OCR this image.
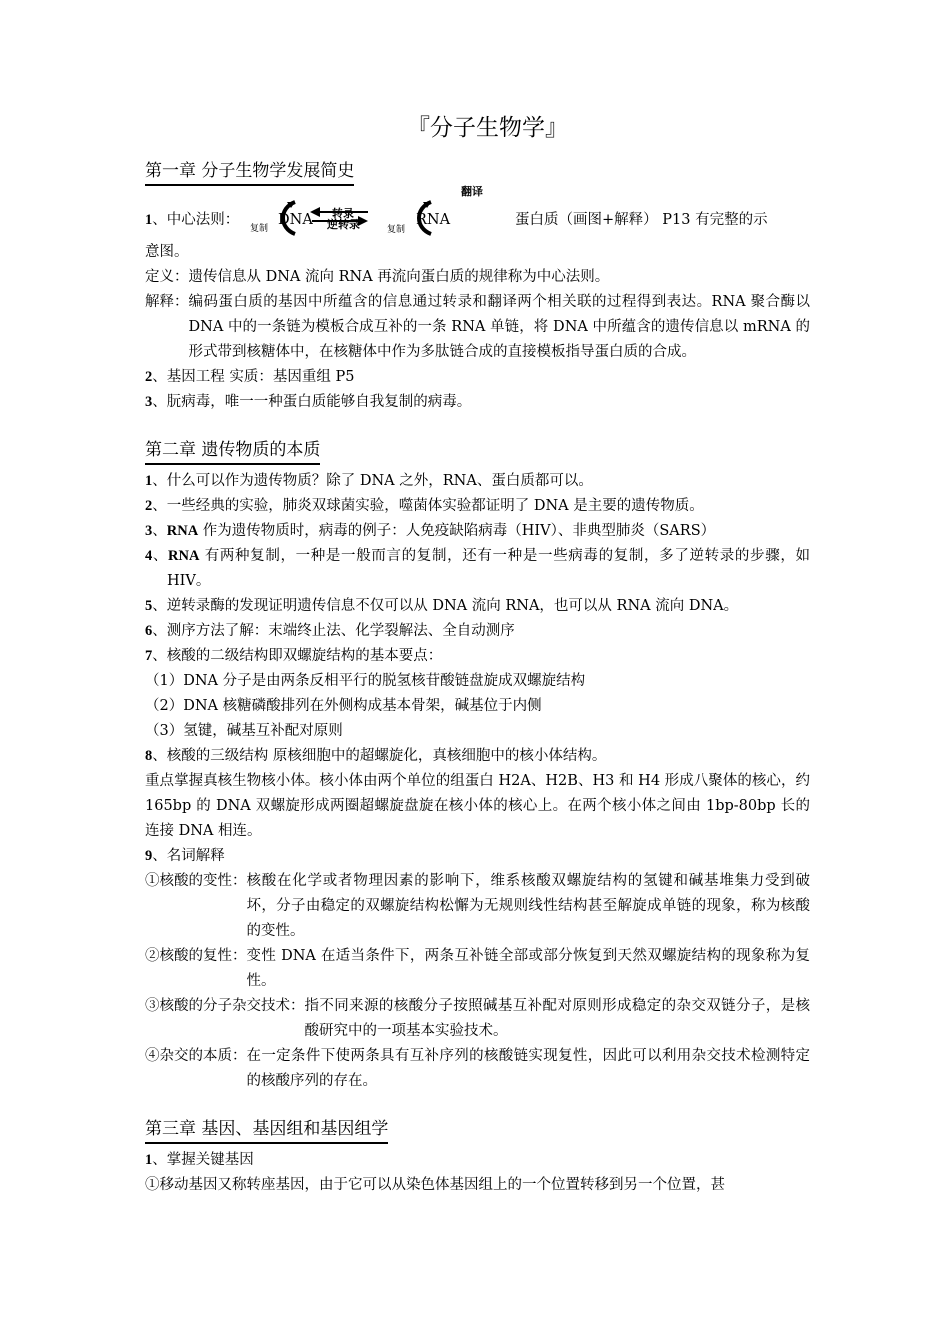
『分子生物学』
第一章 分子生物学发展简史
1、中心法则：
复制
DNA 转录
逆转录	复制
RNA
翻译
蛋白质（画图+解释） P13 有完整的示
意图。
定义：遗传信息从 DNA 流向 RNA 再流向蛋白质的规律称为中心法则。
解释： 编码蛋白质的基因中所蕴含的信息通过转录和翻译两个相关联的过程得到表达。RNA 聚合酶以 DNA 中的一条链为模板合成互补的一条 RNA 单链，将 DNA 中所蕴含的遗传信息以 mRNA 的形式带到核糖体中，在核糖体中作为多肽链合成的直接模板指导蛋白质的合成。
2、基因工程 实质：基因重组 P5
3、朊病毒，唯一一种蛋白质能够自我复制的病毒。
第二章 遗传物质的本质
1、什么可以作为遗传物质？除了 DNA 之外，RNA、蛋白质都可以。
2、一些经典的实验，肺炎双球菌实验，噬菌体实验都证明了 DNA 是主要的遗传物质。
3、RNA 作为遗传物质时，病毒的例子：人免疫缺陷病毒（HIV）、非典型肺炎（SARS）
4、RNA 有两种复制，一种是一般而言的复制，还有一种是一些病毒的复制，多了逆转录的步骤，如 HIV。
5、逆转录酶的发现证明遗传信息不仅可以从 DNA 流向 RNA，也可以从 RNA 流向 DNA。
6、测序方法了解：末端终止法、化学裂解法、全自动测序
7、核酸的二级结构即双螺旋结构的基本要点：
（1）DNA 分子是由两条反相平行的脱氢核苷酸链盘旋成双螺旋结构
（2）DNA 核糖磷酸排列在外侧构成基本骨架，碱基位于内侧
（3）氢键，碱基互补配对原则
8、核酸的三级结构 原核细胞中的超螺旋化，真核细胞中的核小体结构。
重点掌握真核生物核小体。核小体由两个单位的组蛋白 H2A、H2B、H3 和 H4 形成八聚体的核心，约 165bp 的 DNA 双螺旋形成两圈超螺旋盘旋在核小体的核心上。在两个核小体之间由 1bp-80bp 长的连接 DNA 相连。
9、名词解释
①核酸的变性： 核酸在化学或者物理因素的影响下，维系核酸双螺旋结构的氢键和碱基堆集力受到破坏，分子由稳定的双螺旋结构松懈为无规则线性结构甚至解旋成单链的现象，称为核酸的变性。
②核酸的复性： 变性 DNA 在适当条件下，两条互补链全部或部分恢复到天然双螺旋结构的现象称为复性。
③核酸的分子杂交技术： 指不同来源的核酸分子按照碱基互补配对原则形成稳定的杂交双链分子，是核酸研究中的一项基本实验技术。
④杂交的本质： 在一定条件下使两条具有互补序列的核酸链实现复性，因此可以利用杂交技术检测特定的核酸序列的存在。
第三章 基因、基因组和基因组学
1、掌握关键基因
①移动基因又称转座基因，由于它可以从染色体基因组上的一个位置转移到另一个位置，甚
